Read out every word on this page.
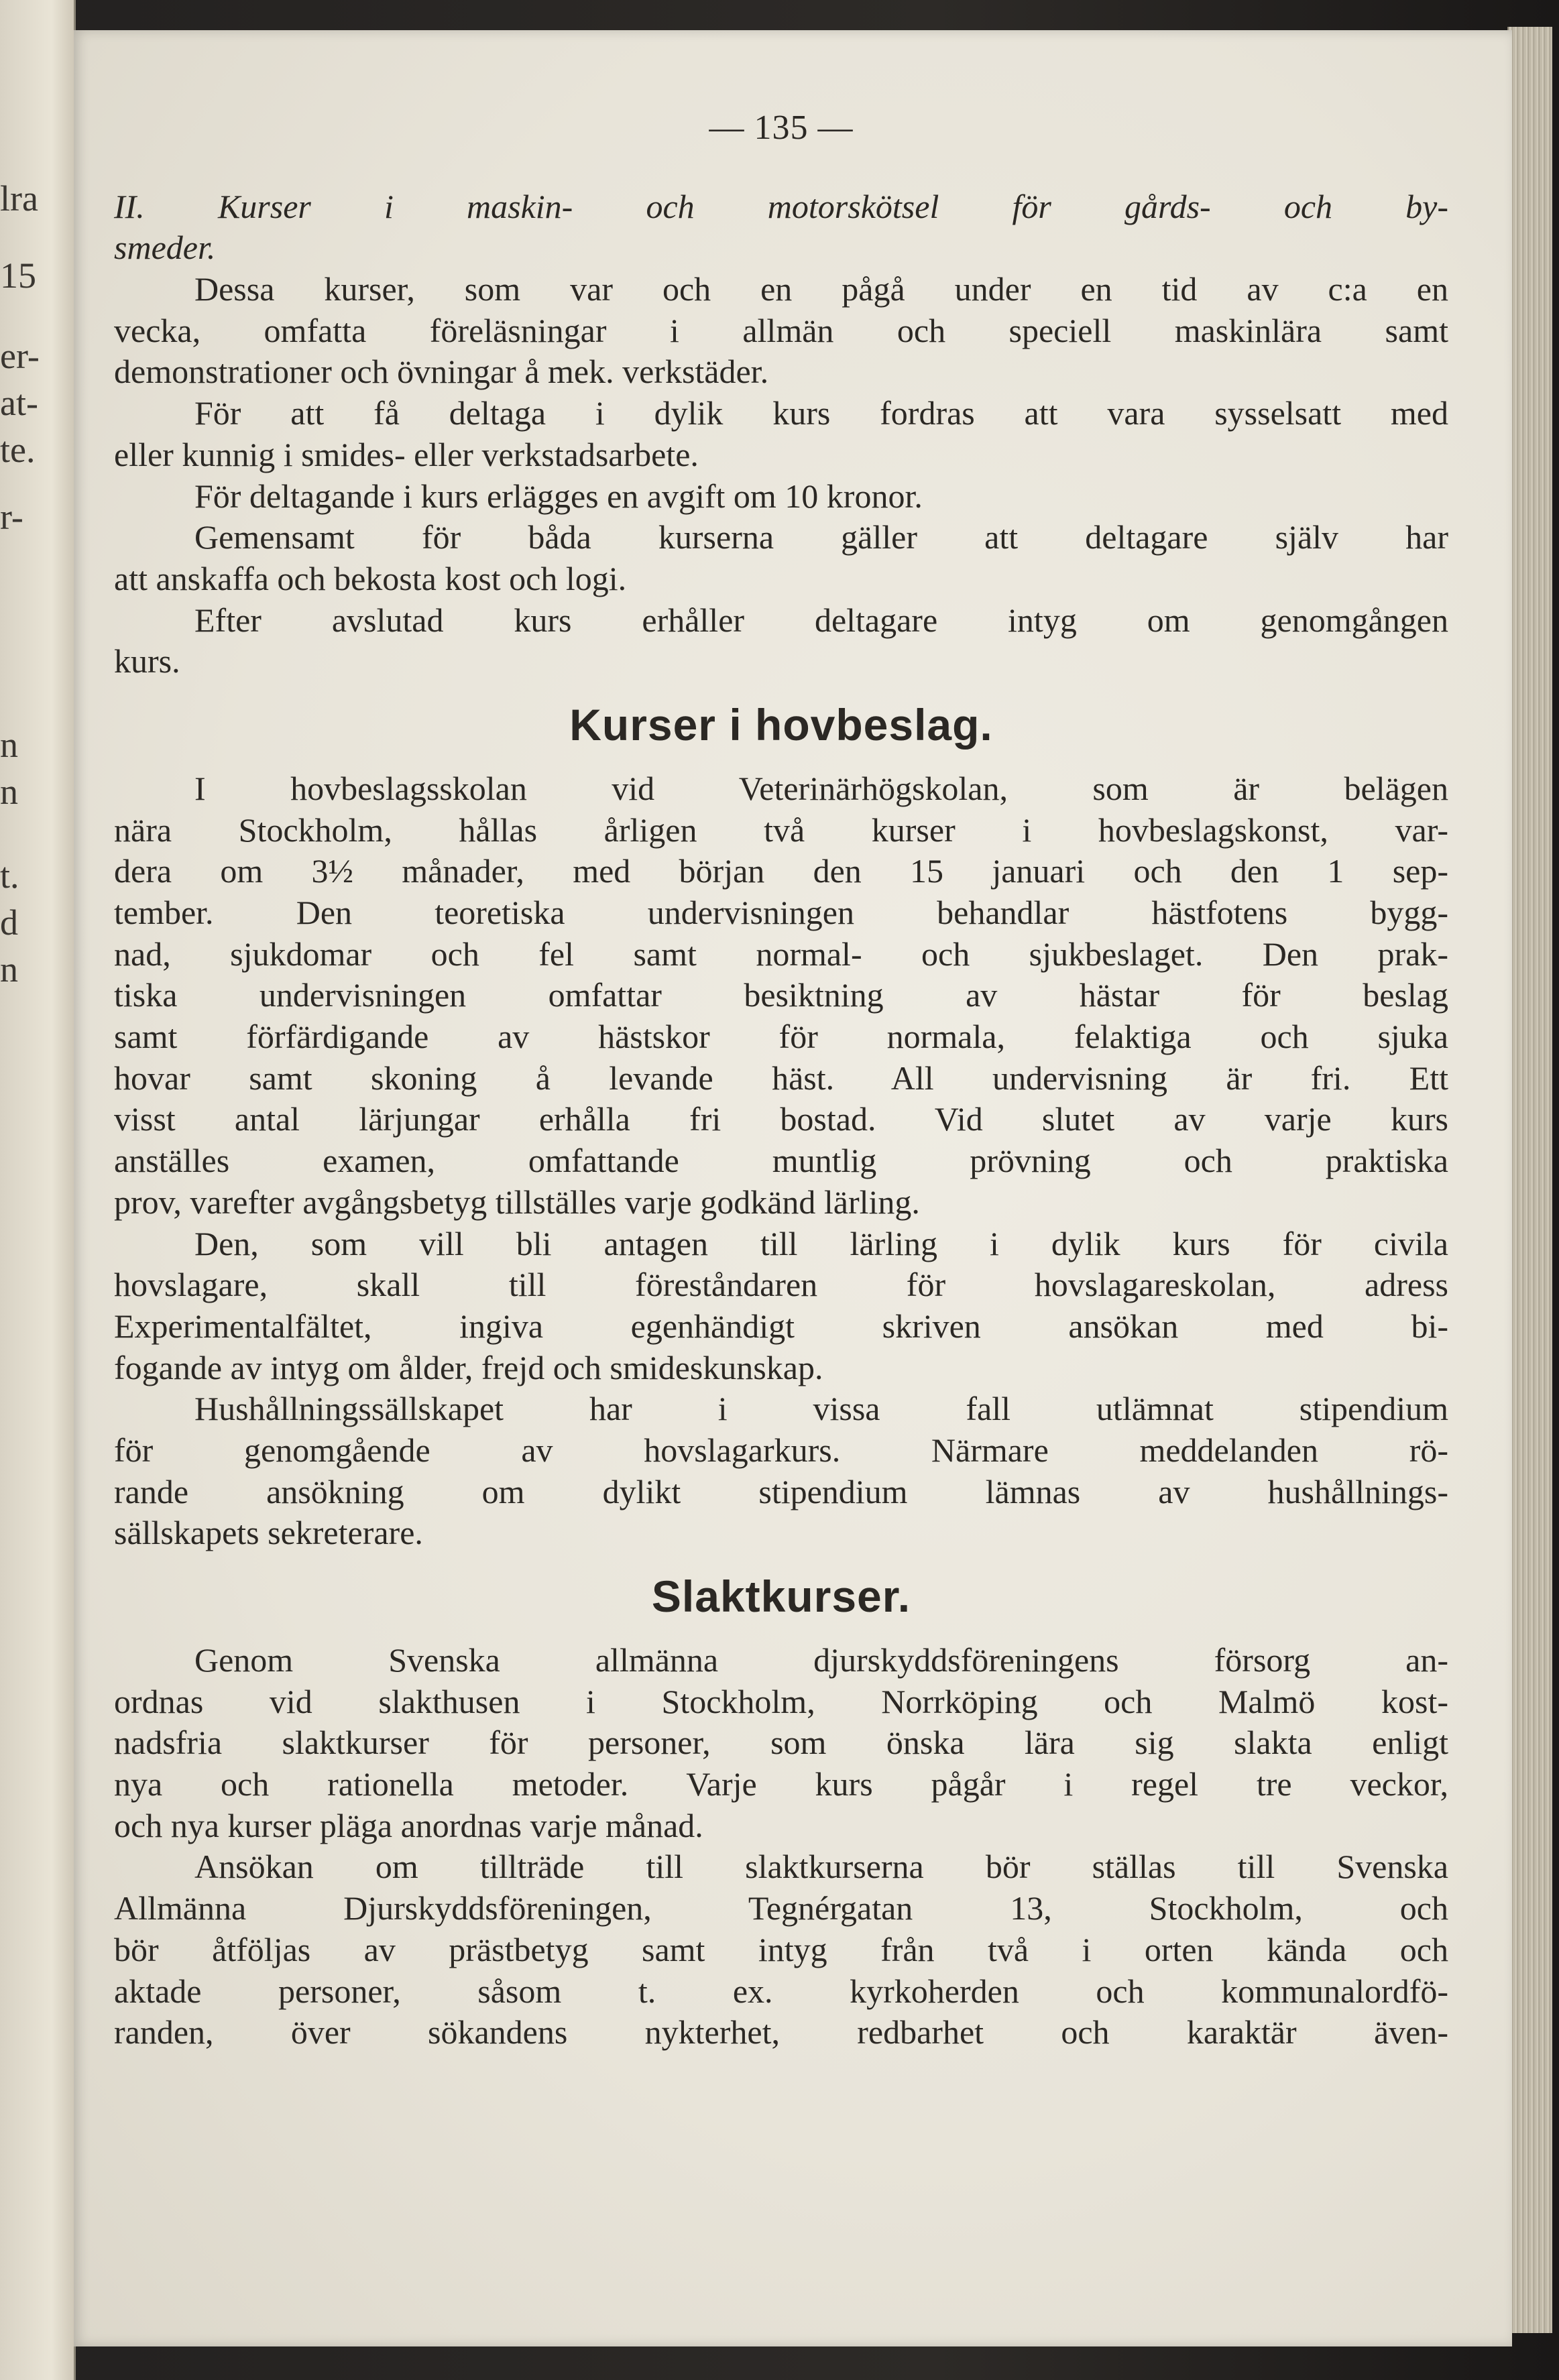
lra
15
er-
at-
te.
r-
n
n
t.
d
n
— 135 —
II. Kurser i maskin- och motorskötsel för gårds- och by-
smeder.
Dessa kurser, som var och en pågå under en tid av c:a en
vecka, omfatta föreläsningar i allmän och speciell maskinlära samt
demonstrationer och övningar å mek. verkstäder.
För att få deltaga i dylik kurs fordras att vara sysselsatt med
eller kunnig i smides- eller verkstadsarbete.
För deltagande i kurs erlägges en avgift om 10 kronor.
Gemensamt för båda kurserna gäller att deltagare själv har
att anskaffa och bekosta kost och logi.
Efter avslutad kurs erhåller deltagare intyg om genomgången
kurs.
Kurser i hovbeslag.
I hovbeslagsskolan vid Veterinärhögskolan, som är belägen
nära Stockholm, hållas årligen två kurser i hovbeslagskonst, var-
dera om 3½ månader, med början den 15 januari och den 1 sep-
tember. Den teoretiska undervisningen behandlar hästfotens bygg-
nad, sjukdomar och fel samt normal- och sjukbeslaget. Den prak-
tiska undervisningen omfattar besiktning av hästar för beslag
samt förfärdigande av hästskor för normala, felaktiga och sjuka
hovar samt skoning å levande häst. All undervisning är fri. Ett
visst antal lärjungar erhålla fri bostad. Vid slutet av varje kurs
anställes examen, omfattande muntlig prövning och praktiska
prov, varefter avgångsbetyg tillställes varje godkänd lärling.
Den, som vill bli antagen till lärling i dylik kurs för civila
hovslagare, skall till föreståndaren för hovslagareskolan, adress
Experimentalfältet, ingiva egenhändigt skriven ansökan med bi-
fogande av intyg om ålder, frejd och smideskunskap.
Hushållningssällskapet har i vissa fall utlämnat stipendium
för genomgående av hovslagarkurs. Närmare meddelanden rö-
rande ansökning om dylikt stipendium lämnas av hushållnings-
sällskapets sekreterare.
Slaktkurser.
Genom Svenska allmänna djurskyddsföreningens försorg an-
ordnas vid slakthusen i Stockholm, Norrköping och Malmö kost-
nadsfria slaktkurser för personer, som önska lära sig slakta enligt
nya och rationella metoder. Varje kurs pågår i regel tre veckor,
och nya kurser pläga anordnas varje månad.
Ansökan om tillträde till slaktkurserna bör ställas till Svenska
Allmänna Djurskyddsföreningen, Tegnérgatan 13, Stockholm, och
bör åtföljas av prästbetyg samt intyg från två i orten kända och
aktade personer, såsom t. ex. kyrkoherden och kommunalordfö-
randen, över sökandens nykterhet, redbarhet och karaktär även-
